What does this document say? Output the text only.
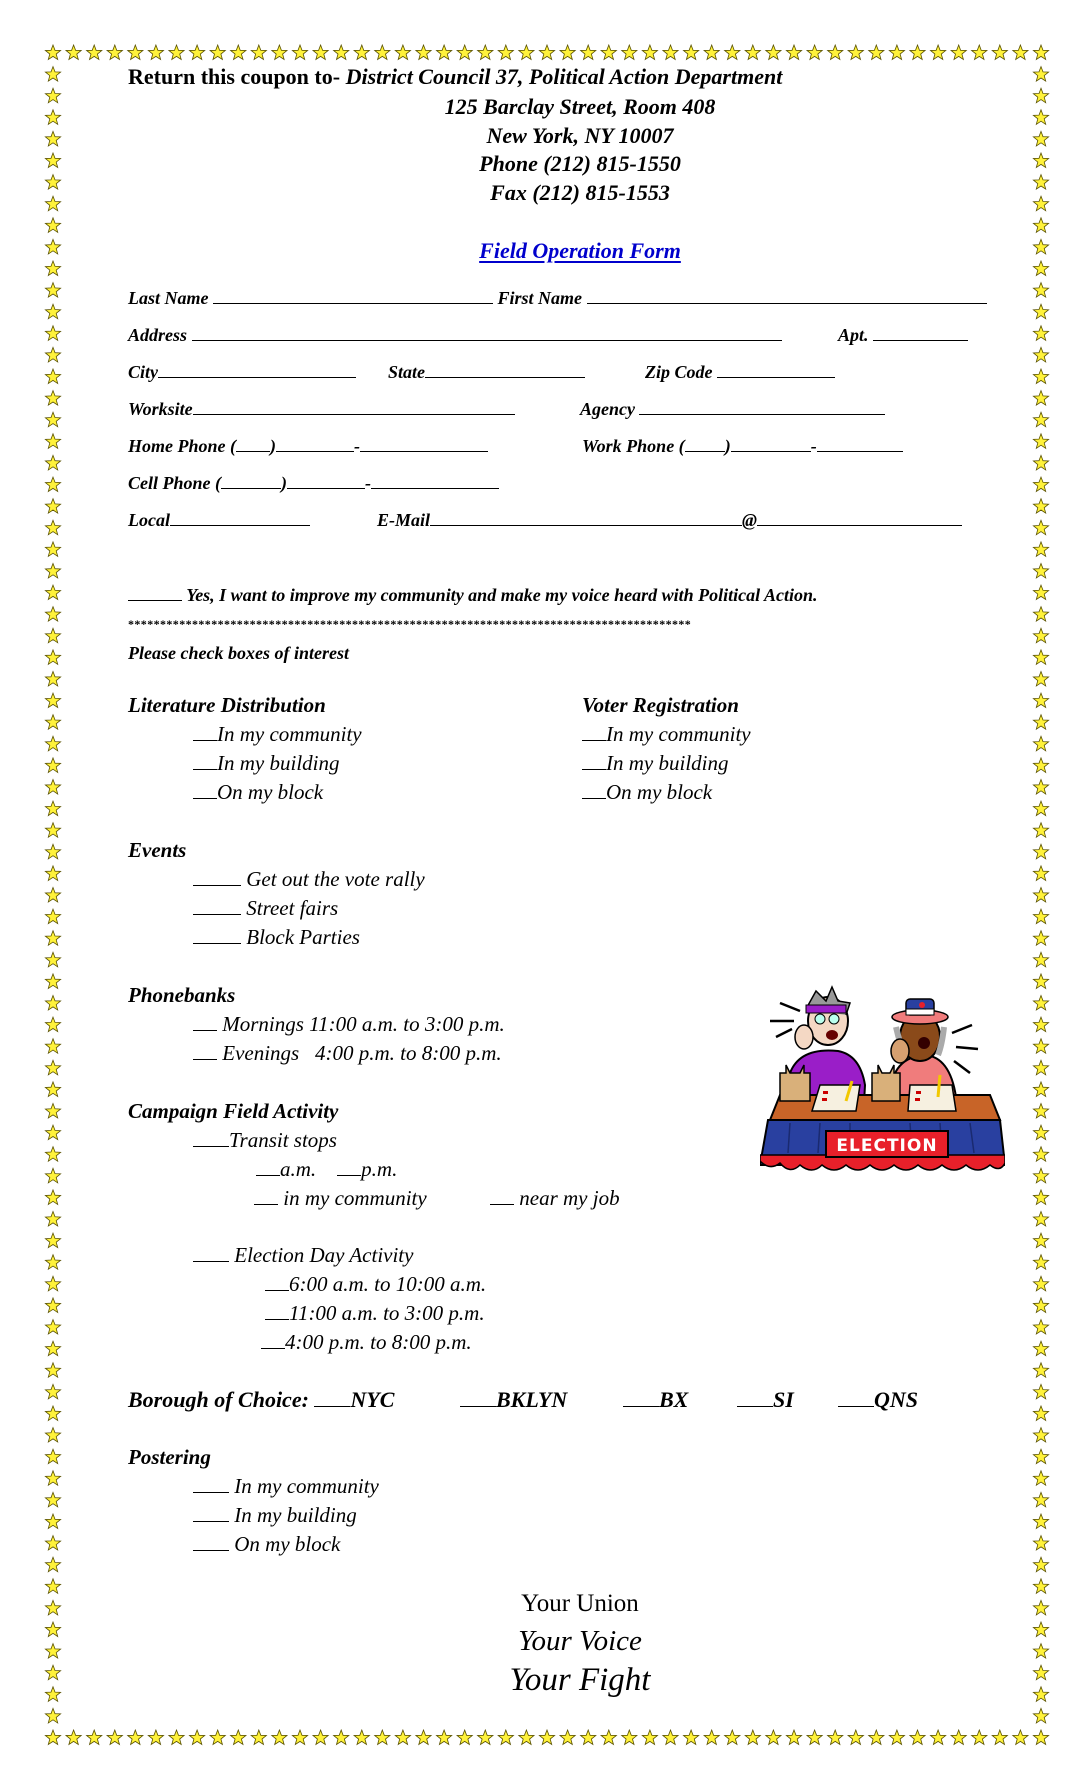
Return this coupon to- District Council 37, Political Action Department
125 Barclay Street, Room 408
New York, NY 10007
Phone (212) 815-1550
Fax (212) 815-1553
Field Operation Form
Last Name	First Name
Address	Apt.
City	State	Zip Code
Worksite	Agency
Home Phone ( )	-	Work Phone ( )	-
Cell Phone (	)	-
Local	E-Mail	@
Yes, I want to improve my community and make my voice heard with Political Action.
****************************************************************************************
Please check boxes of interest
Literature Distribution
In my community
In my building
On my block
Voter Registration
In my community
In my building
On my block
Events
Get out the vote rally
Street fairs
Block Parties
Phonebanks
Mornings 11:00 a.m. to 3:00 p.m.
Evenings   4:00 p.m. to 8:00 p.m.
Campaign Field Activity
Transit stops
a.m. p.m.
in my community	near my job
Election Day Activity
6:00 a.m. to 10:00 a.m.
11:00 a.m. to 3:00 p.m.
4:00 p.m. to 8:00 p.m.
Borough of Choice: NYC	BKLYN	BX	SI	QNS
Postering
In my community
In my building
On my block
Your Union
Your Voice
Your Fight
ELECTION
